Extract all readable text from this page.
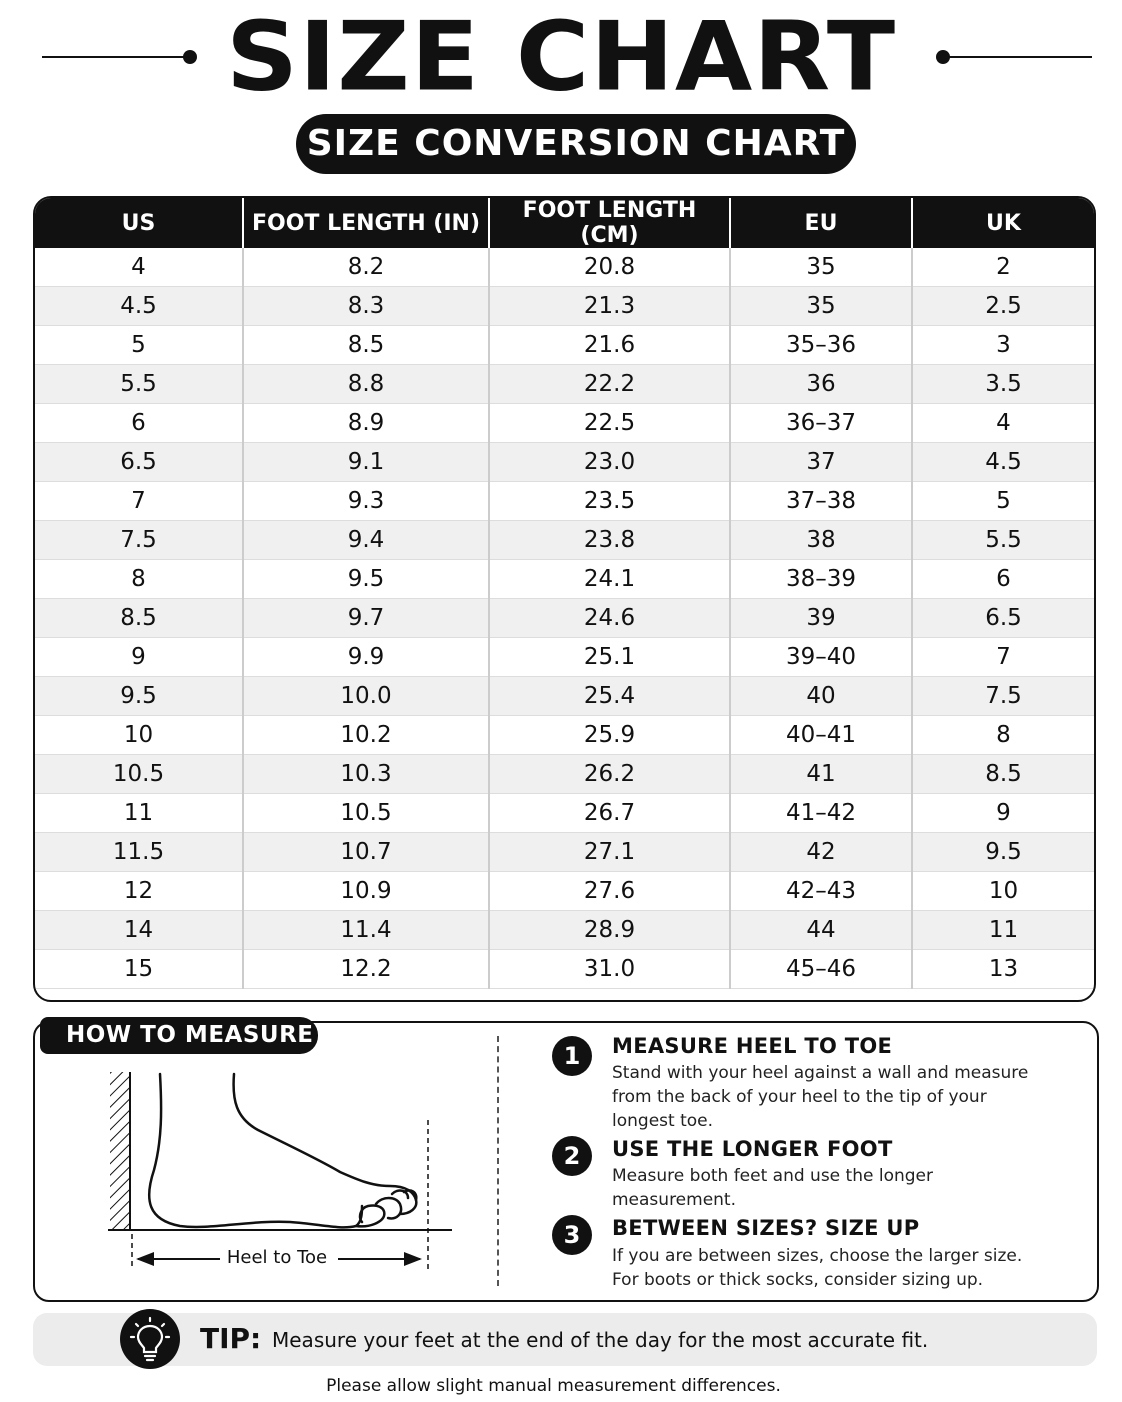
SIZE CHART
SIZE CONVERSION CHART
US	FOOT LENGTH (IN)	FOOT LENGTH (CM)	EU	UK
4	8.2	20.8	35	2
4.5	8.3	21.3	35	2.5
5	8.5	21.6	35–36	3
5.5	8.8	22.2	36	3.5
6	8.9	22.5	36–37	4
6.5	9.1	23.0	37	4.5
7	9.3	23.5	37–38	5
7.5	9.4	23.8	38	5.5
8	9.5	24.1	38–39	6
8.5	9.7	24.6	39	6.5
9	9.9	25.1	39–40	7
9.5	10.0	25.4	40	7.5
10	10.2	25.9	40–41	8
10.5	10.3	26.2	41	8.5
11	10.5	26.7	41–42	9
11.5	10.7	27.1	42	9.5
12	10.9	27.6	42–43	10
14	11.4	28.9	44	11
15	12.2	31.0	45–46	13
HOW TO MEASURE
Heel to Toe
1	MEASURE HEEL TO TOE
Stand with your heel against a wall and measure from the back of your heel to the tip of your longest toe.
2	USE THE LONGER FOOT
Measure both feet and use the longer measurement.
3	BETWEEN SIZES? SIZE UP
If you are between sizes, choose the larger size. For boots or thick socks, consider sizing up.
TIP: Measure your feet at the end of the day for the most accurate fit.
Please allow slight manual measurement differences.
